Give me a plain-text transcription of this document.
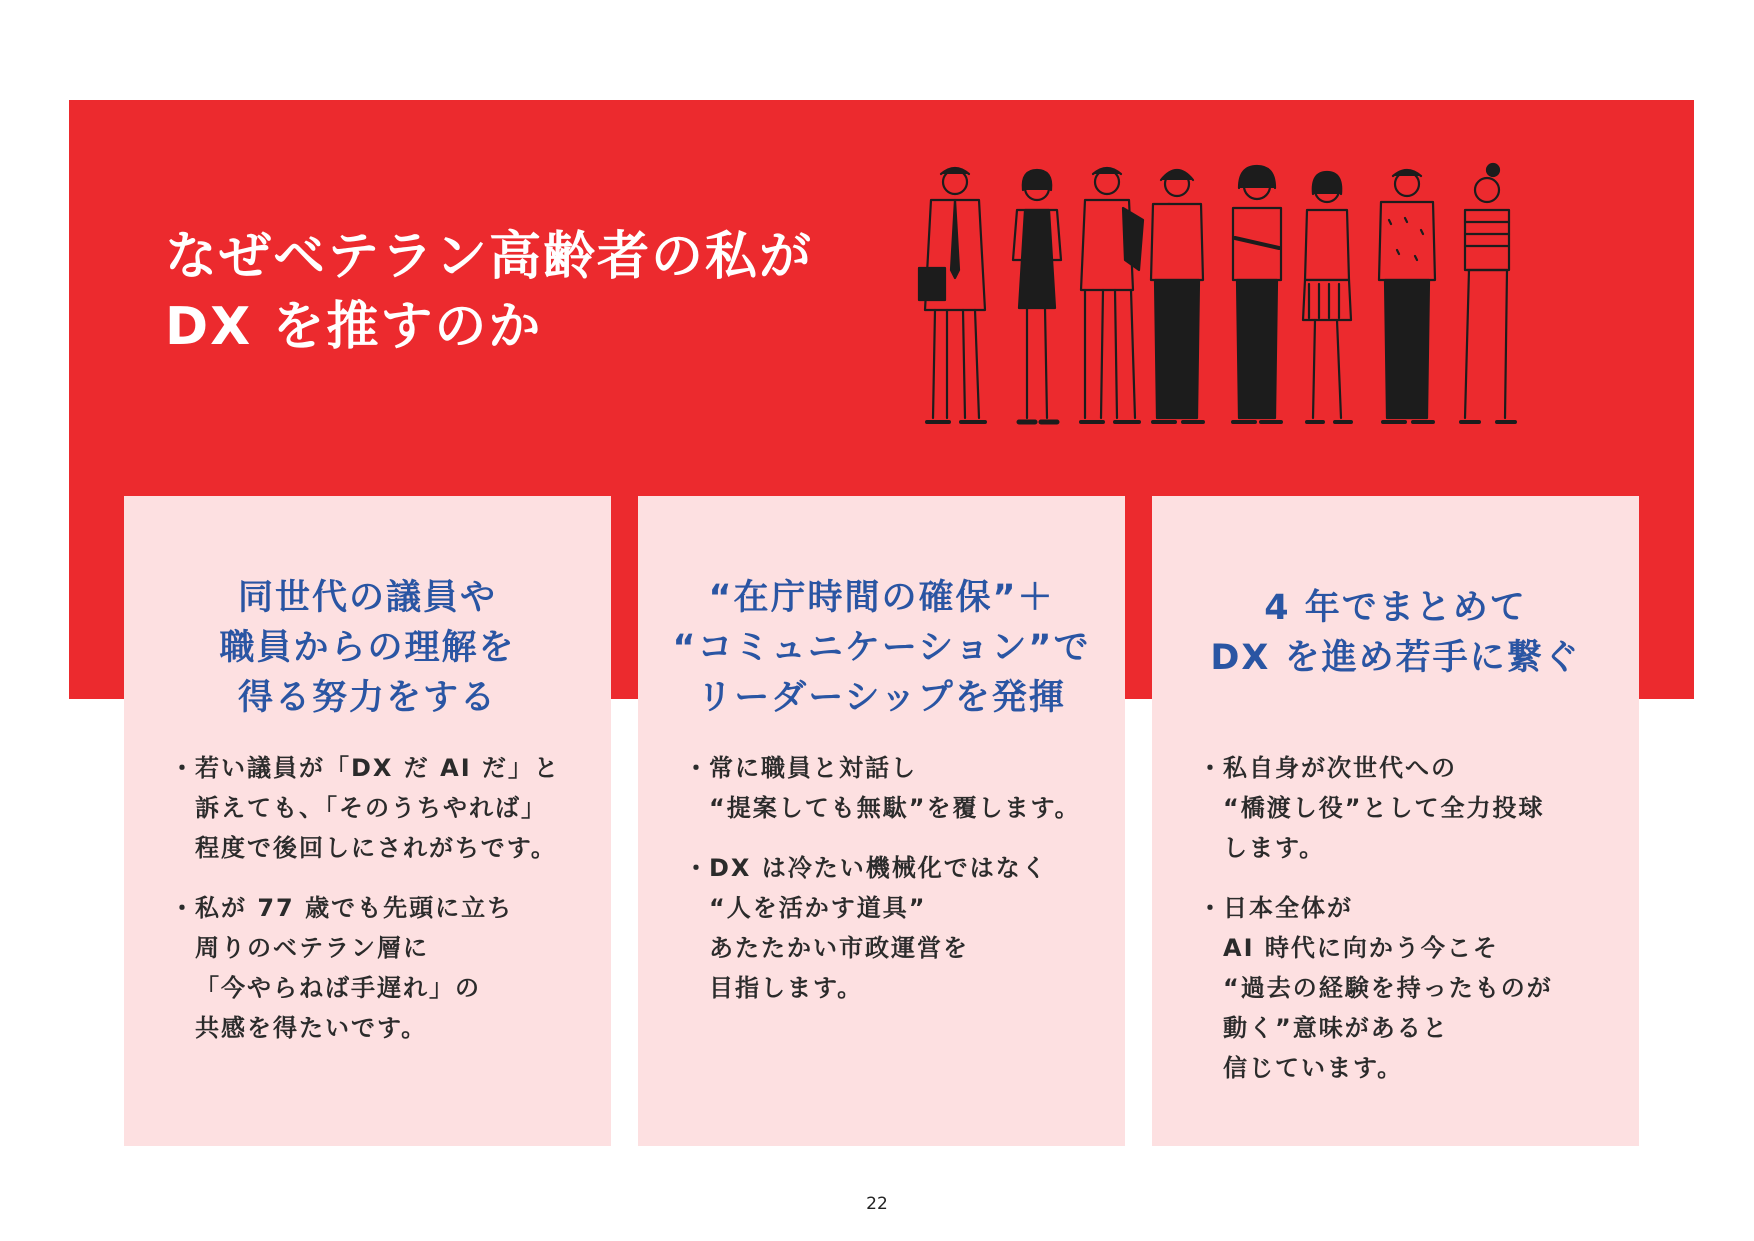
なぜベテラン高齢者の私が
DX を推すのか
同世代の議員や
職員からの理解を
得る努力をする
・ 若い議員が「DX だ AI だ」と
訴えても、「そのうちやれば」
程度で後回しにされがちです。
・ 私が 77 歳でも先頭に立ち
周りのベテラン層に
「今やらねば手遅れ」の
共感を得たいです。
“在庁時間の確保”＋
“コミュニケーション”で
リーダーシップを発揮
・ 常に職員と対話し
“提案しても無駄”を覆します。
・ DX は冷たい機械化ではなく
“人を活かす道具”
あたたかい市政運営を
目指します。
4 年でまとめて
DX を進め若手に繋ぐ
・ 私自身が次世代への
“橋渡し役”として全力投球
します。
・ 日本全体が
AI 時代に向かう今こそ
“過去の経験を持ったものが
動く”意味があると
信じています。
22
